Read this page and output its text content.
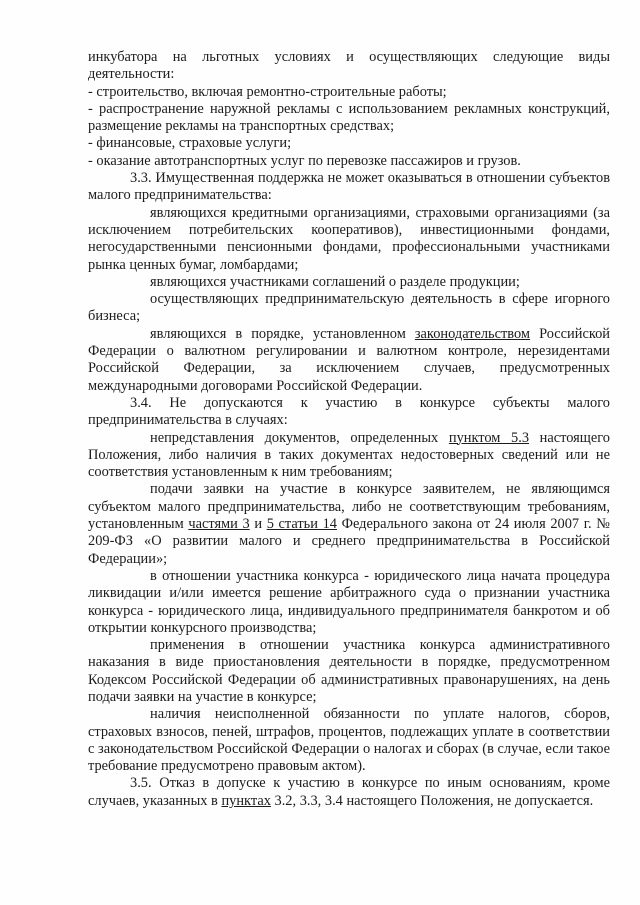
инкубатора на льготных условиях и осуществляющих следующие виды деятельности:

- строительство, включая ремонтно-строительные работы;

- распространение наружной рекламы с использованием рекламных конструкций, размещение рекламы на транспортных средствах;

- финансовые, страховые услуги;

- оказание автотранспортных услуг по перевозке пассажиров и грузов.

3.3. Имущественная поддержка не может оказываться в отношении субъектов малого предпринимательства:

являющихся кредитными организациями, страховыми организациями (за исключением потребительских кооперативов), инвестиционными фондами, негосударственными пенсионными фондами, профессиональными участниками рынка ценных бумаг, ломбардами;

являющихся участниками соглашений о разделе продукции;

осуществляющих предпринимательскую деятельность в сфере игорного бизнеса;

являющихся в порядке, установленном законодательством Российской Федерации о валютном регулировании и валютном контроле, нерезидентами Российской Федерации, за исключением случаев, предусмотренных международными договорами Российской Федерации.

3.4. Не допускаются к участию в конкурсе субъекты малого предпринимательства в случаях:

непредставления документов, определенных пунктом 5.3 настоящего Положения, либо наличия в таких документах недостоверных сведений или не соответствия установленным к ним требованиям;

подачи заявки на участие в конкурсе заявителем, не являющимся субъектом малого предпринимательства, либо не соответствующим требованиям, установленным частями 3 и 5 статьи 14 Федерального закона от 24 июля 2007 г. № 209-ФЗ «О развитии малого и среднего предпринимательства в Российской Федерации»;

в отношении участника конкурса - юридического лица начата процедура ликвидации и/или имеется решение арбитражного суда о признании участника конкурса - юридического лица, индивидуального предпринимателя банкротом и об открытии конкурсного производства;

применения в отношении участника конкурса административного наказания в виде приостановления деятельности в порядке, предусмотренном Кодексом Российской Федерации об административных правонарушениях, на день подачи заявки на участие в конкурсе;

наличия неисполненной обязанности по уплате налогов, сборов, страховых взносов, пеней, штрафов, процентов, подлежащих уплате в соответствии с законодательством Российской Федерации о налогах и сборах (в случае, если такое требование предусмотрено правовым актом).

3.5. Отказ в допуске к участию в конкурсе по иным основаниям, кроме случаев, указанных в пунктах 3.2, 3.3, 3.4 настоящего Положения, не допускается.
